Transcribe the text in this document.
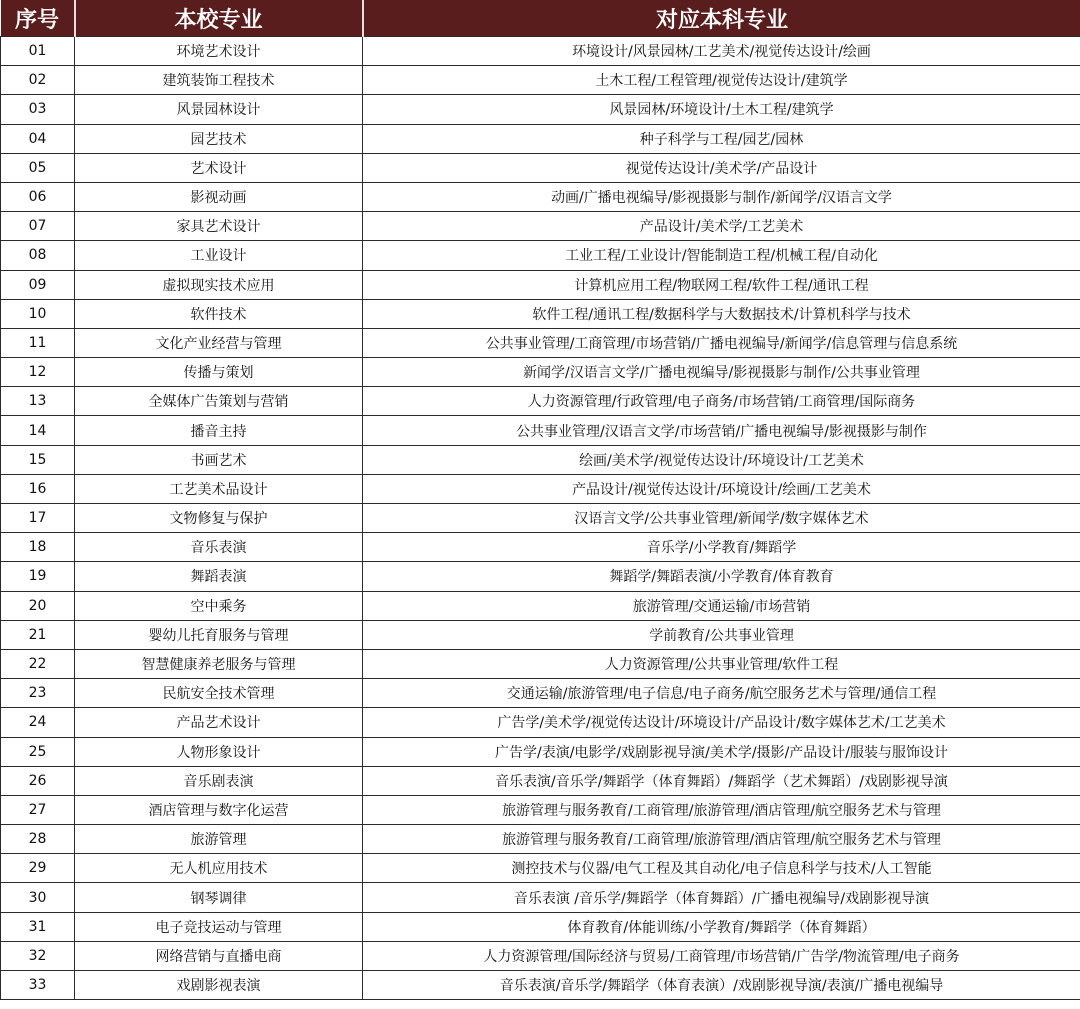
序号	本校专业	对应本科专业
01	环境艺术设计	环境设计/风景园林/工艺美术/视觉传达设计/绘画
02	建筑装饰工程技术	土木工程/工程管理/视觉传达设计/建筑学
03	风景园林设计	风景园林/环境设计/土木工程/建筑学
04	园艺技术	种子科学与工程/园艺/园林
05	艺术设计	视觉传达设计/美术学/产品设计
06	影视动画	动画/广播电视编导/影视摄影与制作/新闻学/汉语言文学
07	家具艺术设计	产品设计/美术学/工艺美术
08	工业设计	工业工程/工业设计/智能制造工程/机械工程/自动化
09	虚拟现实技术应用	计算机应用工程/物联网工程/软件工程/通讯工程
10	软件技术	软件工程/通讯工程/数据科学与大数据技术/计算机科学与技术
11	文化产业经营与管理	公共事业管理/工商管理/市场营销/广播电视编导/新闻学/信息管理与信息系统
12	传播与策划	新闻学/汉语言文学/广播电视编导/影视摄影与制作/公共事业管理
13	全媒体广告策划与营销	人力资源管理/行政管理/电子商务/市场营销/工商管理/国际商务
14	播音主持	公共事业管理/汉语言文学/市场营销/广播电视编导/影视摄影与制作
15	书画艺术	绘画/美术学/视觉传达设计/环境设计/工艺美术
16	工艺美术品设计	产品设计/视觉传达设计/环境设计/绘画/工艺美术
17	文物修复与保护	汉语言文学/公共事业管理/新闻学/数字媒体艺术
18	音乐表演	音乐学/小学教育/舞蹈学
19	舞蹈表演	舞蹈学/舞蹈表演/小学教育/体育教育
20	空中乘务	旅游管理/交通运输/市场营销
21	婴幼儿托育服务与管理	学前教育/公共事业管理
22	智慧健康养老服务与管理	人力资源管理/公共事业管理/软件工程
23	民航安全技术管理	交通运输/旅游管理/电子信息/电子商务/航空服务艺术与管理/通信工程
24	产品艺术设计	广告学/美术学/视觉传达设计/环境设计/产品设计/数字媒体艺术/工艺美术
25	人物形象设计	广告学/表演/电影学/戏剧影视导演/美术学/摄影/产品设计/服装与服饰设计
26	音乐剧表演	音乐表演/音乐学/舞蹈学（体育舞蹈）/舞蹈学（艺术舞蹈）/戏剧影视导演
27	酒店管理与数字化运营	旅游管理与服务教育/工商管理/旅游管理/酒店管理/航空服务艺术与管理
28	旅游管理	旅游管理与服务教育/工商管理/旅游管理/酒店管理/航空服务艺术与管理
29	无人机应用技术	测控技术与仪器/电气工程及其自动化/电子信息科学与技术/人工智能
30	钢琴调律	音乐表演 /音乐学/舞蹈学（体育舞蹈）/广播电视编导/戏剧影视导演
31	电子竞技运动与管理	体育教育/体能训练/小学教育/舞蹈学（体育舞蹈）
32	网络营销与直播电商	人力资源管理/国际经济与贸易/工商管理/市场营销/广告学/物流管理/电子商务
33	戏剧影视表演	音乐表演/音乐学/舞蹈学（体育表演）/戏剧影视导演/表演/广播电视编导
